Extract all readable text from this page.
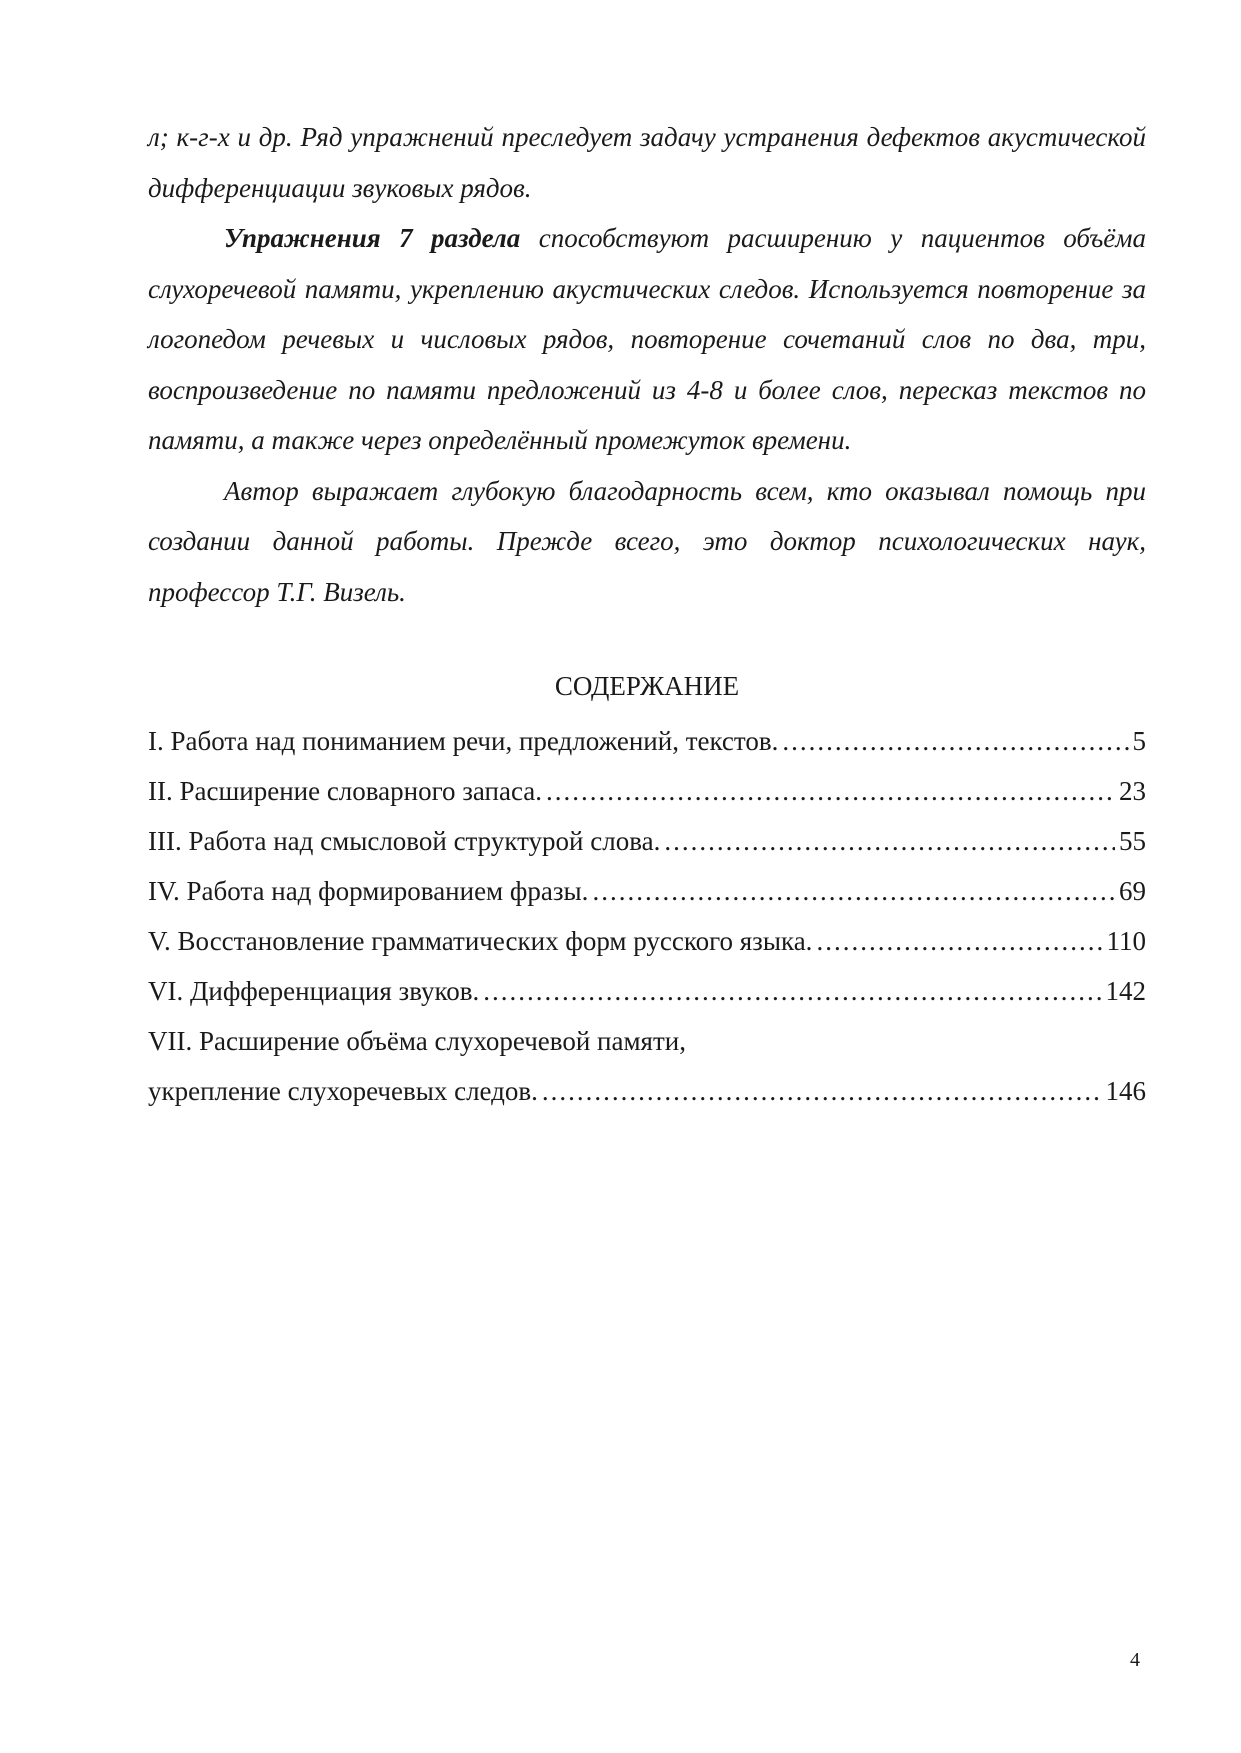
л; к-г-х и др. Ряд упражнений преследует задачу устранения дефектов акустической дифференциации звуковых рядов.

Упражнения 7 раздела способствуют расширению у пациентов объёма слухоречевой памяти, укреплению акустических следов. Используется повторение за логопедом речевых и числовых рядов, повторение сочетаний слов по два, три, воспроизведение по памяти предложений из 4-8 и более слов, пересказ текстов по памяти, а также через определённый промежуток времени.

Автор выражает глубокую благодарность всем, кто оказывал помощь при создании данной работы. Прежде всего, это доктор психологических наук, профессор Т.Г. Визель.

СОДЕРЖАНИЕ
I. Работа над пониманием речи, предложений, текстов. .....	5
II. Расширение словарного запаса. .....	23
III. Работа над смысловой структурой слова. .....	55
IV. Работа над формированием фразы. .....	69
V. Восстановление грамматических форм русского языка. .....	110
VI. Дифференциация звуков. .....	142
VII. Расширение объёма слухоречевой памяти,
укрепление слухоречевых следов. .....	146
4
